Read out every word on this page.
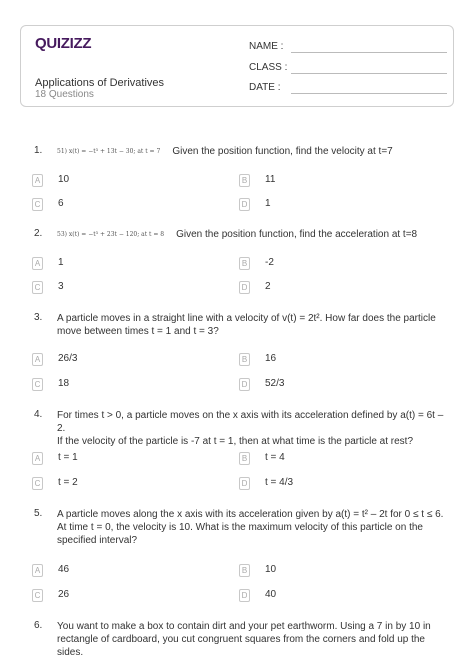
QUIZIZZ
Applications of Derivatives
18 Questions
NAME :
CLASS :
DATE :
1. 51) x(t) = −t³ + 13t − 30; at t = 7 Given the position function, find the velocity at t=7
A 10	B 11
C 6	D 1
2. 53) x(t) = −t³ + 23t − 120; at t = 8 Given the position function, find the acceleration at t=8
A 1	B -2
C 3	D 2
3. A particle moves in a straight line with a velocity of v(t) = 2t². How far does the particle
move between times t = 1 and t = 3?
A 26/3	B 16
C 18	D 52/3
4. For times t > 0, a particle moves on the x axis with its acceleration defined by a(t) = 6t – 2.
If the velocity of the particle is -7 at t = 1, then at what time is the particle at rest?
A t = 1	B t = 4
C t = 2	D t = 4/3
5. A particle moves along the x axis with its acceleration given by a(t) = t² – 2t for 0 ≤ t ≤ 6.
At time t = 0, the velocity is 10. What is the maximum velocity of this particle on the
specified interval?
A 46	B 10
C 26	D 40
6. You want to make a box to contain dirt and your pet earthworm. Using a 7 in by 10 in
rectangle of cardboard, you cut congruent squares from the corners and fold up the
sides.
